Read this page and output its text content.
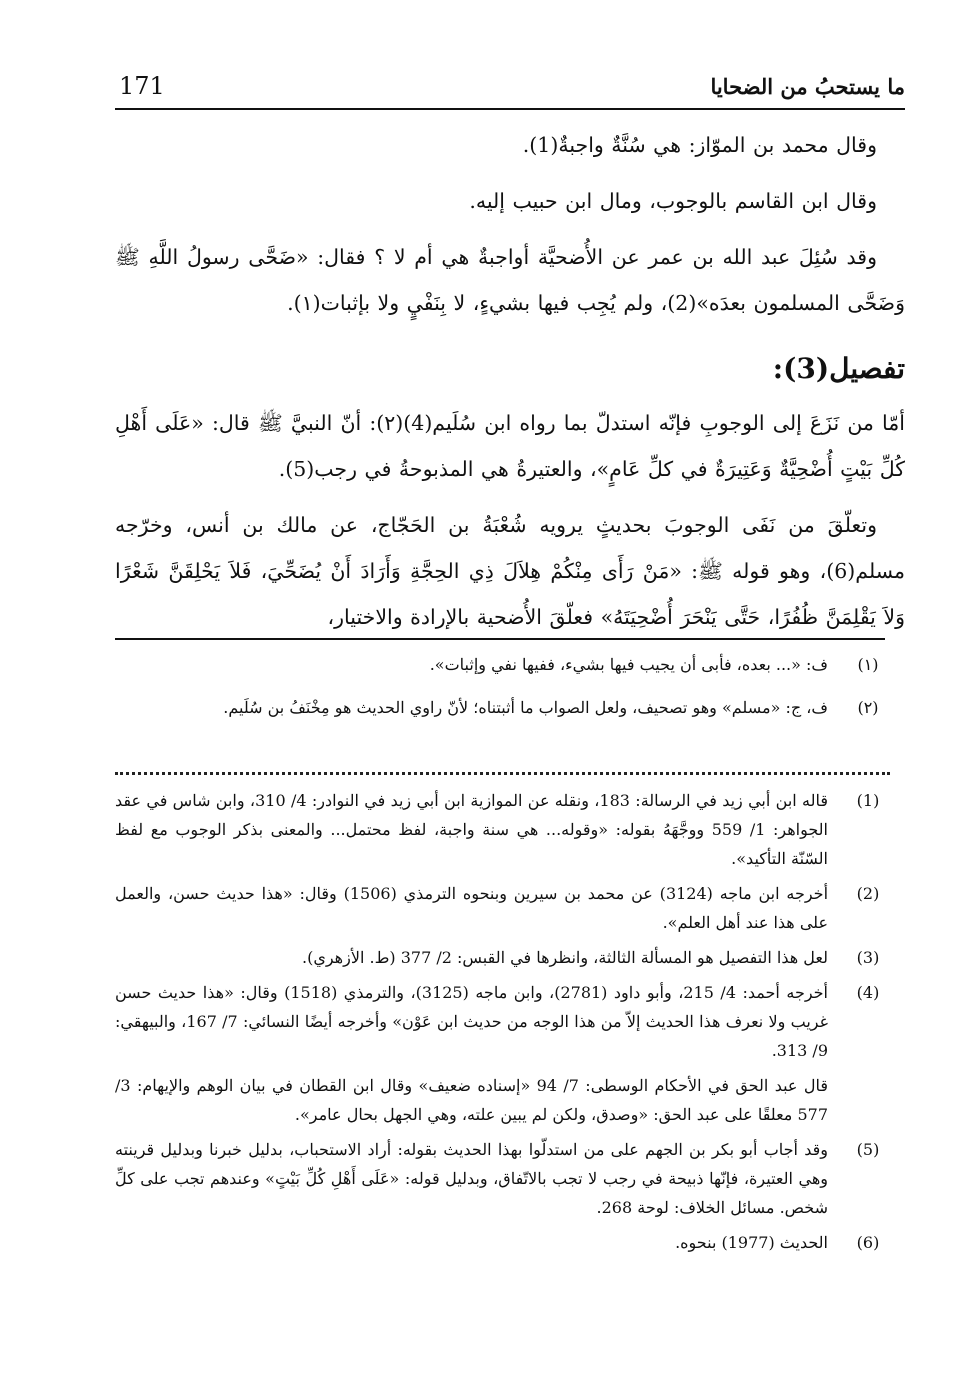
ما يستحبُ من الضحايا
171

وقال محمد بن الموّاز: هي سُنَّةٌ واجبةٌ(1).

وقال ابن القاسم بالوجوب، ومال ابن حبيب إليه.

وقد سُئِلَ عبد الله بن عمر عن الأُضحيَّة أواجبةٌ هي أم لا ؟ فقال: «ضَحَّى رسولُ اللَّهِ ﷺ وَضَحَّى المسلمون بعدَه»(2)، ولم يُجِب فيها بشيءٍ، لا بِنَفْيٍ ولا بإثبات(١).

تفصيل(3):

أمّا من نَزَعَ إلى الوجوبِ فإنّه استدلّ بما رواه ابن سُلَيم(4)(٢): أنّ النبيَّ ﷺ قال: «عَلَى أَهْلِ كُلِّ بَيْتٍ أُضْحِيَّةٌ وَعَتِيرَةٌ في كلِّ عَامٍ»، والعتيرةُ هي المذبوحةُ في رجب(5).

وتعلّقَ من نَفَى الوجوبَ بحديثٍ يرويه شُعْبَةُ بن الحَجّاج، عن مالك بن أنس، وخرّجه مسلم(6)، وهو قوله ﷺ: «مَنْ رَأَى مِنْكُمْ هِلاَلَ ذِي الحِجَّةِ وَأَرَادَ أَنْ يُضَحِّيَ، فَلاَ يَحْلِقَنَّ شَعْرًا وَلاَ يَقْلِمَنَّ ظُفُرًا، حَتَّى يَنْحَرَ أُضْحِيَتَهُ» فعلّقَ الأُضحية بالإرادة والاختيار،

(١)
ف: «... بعده، فأبى أن يجيب فيها بشيء، ففيها نفي وإثبات».
(٢)
ف، ج: «مسلم» وهو تصحيف، ولعل الصواب ما أثبتناه؛ لأنّ راوي الحديث هو مِخْنَفُ بن سُلَيم.
(1)
قاله ابن أبي زيد في الرسالة: 183، ونقله عن الموازية ابن أبي زيد في النوادر: 4/ 310، وابن شاس في عقد الجواهر: 1/ 559 ووجَّهَهُ بقوله: «وقوله... هي سنة واجبة، لفظ محتمل... والمعنى بذكر الوجوب مع لفظ السّنّة التأكيد».
(2)
أخرجه ابن ماجه (3124) عن محمد بن سيرين وبنحوه الترمذي (1506) وقال: «هذا حديث حسن، والعمل على هذا عند أهل العلم».
(3)
لعل هذا التفصيل هو المسألة الثالثة، وانظرها في القبس: 2/ 377 (ط. الأزهري).
(4)
أخرجه أحمد: 4/ 215، وأبو داود (2781)، وابن ماجه (3125)، والترمذي (1518) وقال: «هذا حديث حسن غريب ولا نعرف هذا الحديث إلاّ من هذا الوجه من حديث ابن عَوْن» وأخرجه أيضًا النسائي: 7/ 167، والبيهقي: 9/ 313.
قال عبد الحق في الأحكام الوسطى: 7/ 94 «إسناده ضعيف» وقال ابن القطان في بيان الوهم والإيهام: 3/ 577 معلقًا على عبد الحق: «وصدق، ولكن لم يبين علته، وهي الجهل بحال عامر».
(5)
وقد أجاب أبو بكر بن الجهم على من استدلّوا بهذا الحديث بقوله: أراد الاستحباب، بدليل خبرنا وبدليل قرينته وهي العتيرة، فإنّها ذبيحة في رجب لا تجب بالاتّفاق، وبدليل قوله: «عَلَى أَهْلِ كُلِّ بَيْتٍ» وعندهم تجب على كلِّ شخص. مسائل الخلاف: لوحة 268.
(6)
الحديث (1977) بنحوه.
